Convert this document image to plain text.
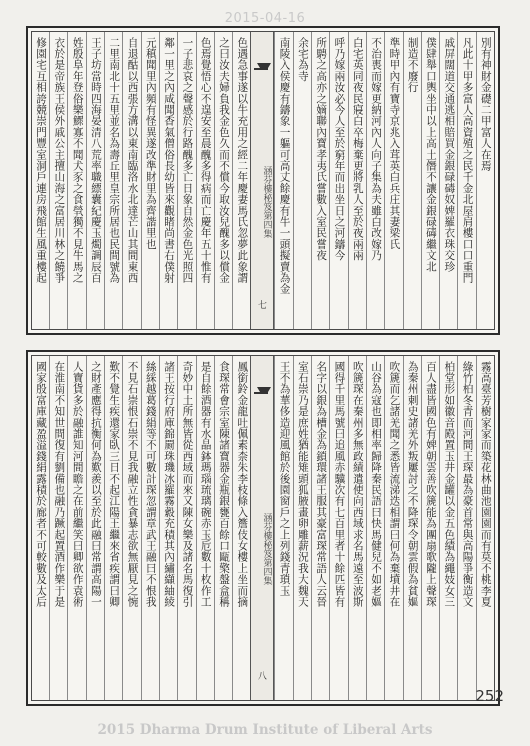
2015-04-16
別有神財金礎二甲富人在焉
凡此十甲多富人高資殖之民千金北屋肩樓口口重門
戚屏闊道交通逃相賠買金銀碌碡奴婢羅衣珠交珍
僕肆舉口輿坐中以上高土僭不讓金銀碌碡繼文北
制造不廢行
準時甲內有寶寺京兆入茸英白兵庄其妻梁氏
不治喪而嫁更納河內人向子集為夫雖白改嫁乃
白宅英同夜民寢白卒梅棄更將乳人至於夜兩兩
呼乃嫁兩汝必今人至於窮年而出坐日之河鑄今
所騁之高亦之嫡聯內寶孝夷氏嘗數入室民嘗夜
余宅為寺
南陵入侯慶有鑄象一軀可高丈餘慶有牛一頭擬賣為金
涵芬樓秘笈第四集
七
色遇急事遂以牛充用之經二年慶妻馬氏忽夢此象謂
之曰汝夫婦負我金色久而不償今取汝兒醜多以償金
色焉覺悟心不遑安至晨醜多得病而亡慶年五十惟有
一子悲哀之聲感於行路醜多亡日象自然金色光照四
鄰一里之內咸聞香氣僧俗長幼皆來觀睹尚書右僕射
元稹聞里內頻有怪異遂改準財里為齊諧里也
自退酤以西張方溝以東南臨洛水北達芒山其間東西
二里南北十五里並名為壽丘里皇宗所居也民間號為
王子坊當時四海晏清八荒率職縹囊紀慶玉燭調辰百
姓殷阜年登俗樂鰥寡不聞犬豕之食煢獨不見牛馬之
衣於是帝族王侯外戚公主擅山海之富居川林之饒爭
修園宅互相誇競崇門豐室洞戶連房飛館生風重樓起
霧高臺芳樹家家而築花林曲池園園而有莫不桃李夏
綠竹柏冬青而河間王琛最為豪首常與高陽爭衡造文
柏堂形如徽音殿置玉井金罐以金五色績為繩妓女三
百人盡皆國色有婢朝雲善吹篪能為團扇歌隴上聲琛
為秦州刺史諸羌外叛屢討之不降琛令朝雲假為貧嫗
吹篪而乞諸羌聞之悉皆流涕迭相謂曰何為棄墳井在
山谷為寇也即相率歸降秦民語曰快馬健兒不如老嫗
吹篪琛在秦州多無政績遣使向西域求名馬遠至波斯
國得千里馬號曰追風赤驥次有七百里者十餘匹皆有
名字以銀為槽金為鎖環諸王服其豪富琛常語人云晉
室石崇乃是庶姓猶能雉頭狐腋畫卵雕薪況我大魏天
王不為華侈造迎風館於後園窗戶之上列錢青瑣玉
涵芬樓秘笈第四集
八
鳳銜鈴金龍吐佩素柰朱李枝條入簷伎女樓上坐而摘
食琛常會宗室陳諸寶器金瓶銀甕百餘口甌檠盤盒稱
是自餘酒器有水晶鉢瑪瑙琉璃碗赤玉卮數十枚作工
奇妙中土所無皆從西域而來又陳女樂及諸名馬復引
諸王按行府庫錦罽珠璣冰羅霧縠充積其內繡纈紬綾
絲綵越葛錢絹等不可數計琛忽謂章武王融曰不恨我
不見石崇恨石崇不見我融立性貪暴志欲無厭見之惋
歎不覺生疾還家臥三日不起江陽王繼來省疾謂曰卿
之財產應得抗衡何為歎羨以至於此融曰常謂高陽一
人寶貨多於融誰知河間瞻之在前繼笑曰卿欲作袁術
在淮南不知世間復有劉備也融乃蹶起置酒作樂于是
國家殷富庫藏盈溢錢絹露積於廊者不可較數及太后
252
2015 Dharma Drum Institute of Liberal Arts
